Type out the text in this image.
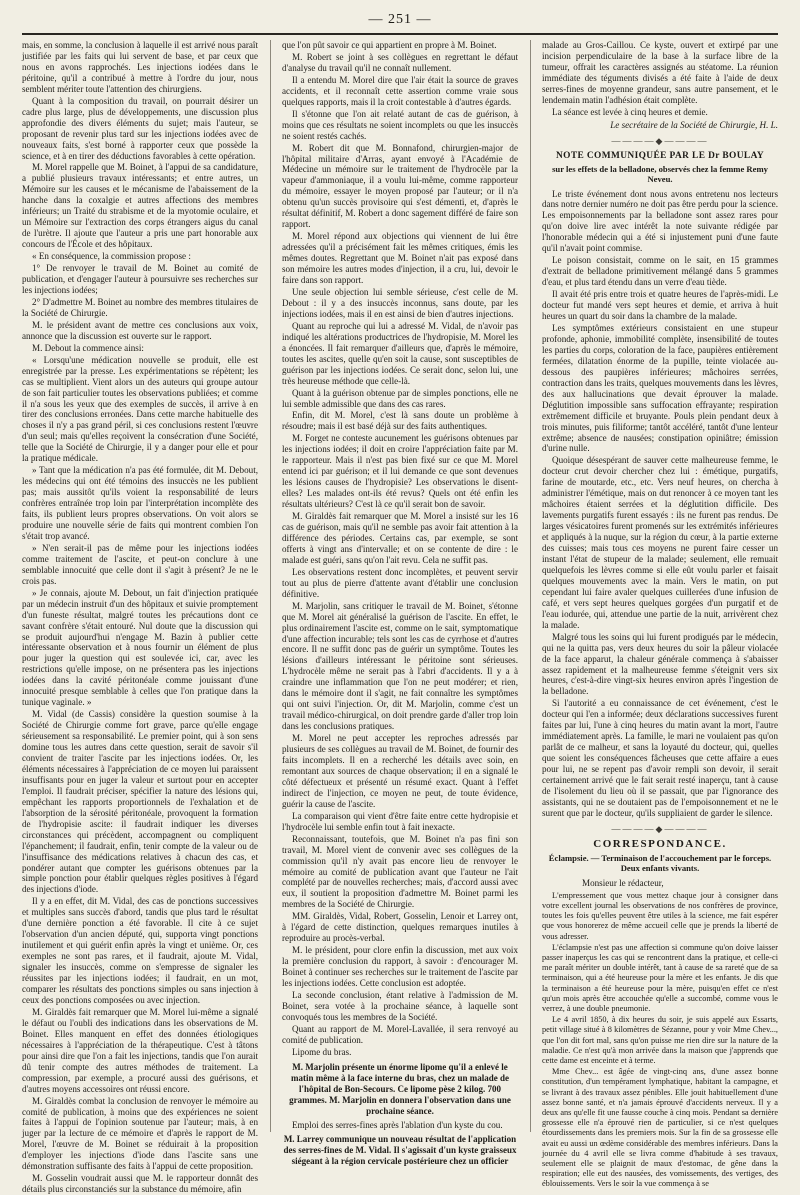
— 251 —

mais, en somme, la conclusion à laquelle il est arrivé nous paraît justifiée par les faits qui lui servent de base, et par ceux que nous en avons rapprochés. Les injections iodées dans le péritoine, qu'il a contribué à mettre à l'ordre du jour, nous semblent mériter toute l'attention des chirurgiens.

Quant à la composition du travail, on pourrait désirer un cadre plus large, plus de développements, une discussion plus approfondie des divers éléments du sujet; mais l'auteur, se proposant de revenir plus tard sur les injections iodées avec de nouveaux faits, s'est borné à rapporter ceux que possède la science, et à en tirer des déductions favorables à cette opération.

M. Morel rappelle que M. Boinet, à l'appui de sa candidature, a publié plusieurs travaux intéressants; et entre autres, un Mémoire sur les causes et le mécanisme de l'abaissement de la hanche dans la coxalgie et autres affections des membres inférieurs; un Traité du strabisme et de la myotomie oculaire, et un Mémoire sur l'extraction des corps étrangers aigus du canal de l'urètre. Il ajoute que l'auteur a pris une part honorable aux concours de l'École et des hôpitaux.

« En conséquence, la commission propose :

1° De renvoyer le travail de M. Boinet au comité de publication, et d'engager l'auteur à poursuivre ses recherches sur les injections iodées;

2° D'admettre M. Boinet au nombre des membres titulaires de la Société de Chirurgie.

M. le président avant de mettre ces conclusions aux voix, annonce que la discussion est ouverte sur le rapport.

M. Debout la commence ainsi:

« Lorsqu'une médication nouvelle se produit, elle est enregistrée par la presse. Les expérimentations se répètent; les cas se multiplient. Vient alors un des auteurs qui groupe autour de son fait particulier toutes les observations publiées; et comme il n'a sous les yeux que des exemples de succès, il arrive à en tirer des conclusions erronées. Dans cette marche habituelle des choses il n'y a pas grand péril, si ces conclusions restent l'œuvre d'un seul; mais qu'elles reçoivent la consécration d'une Société, telle que la Société de Chirurgie, il y a danger pour elle et pour la pratique médicale.

» Tant que la médication n'a pas été formulée, dit M. Debout, les médecins qui ont été témoins des insuccès ne les publient pas; mais aussitôt qu'ils voient la responsabilité de leurs confrères entraînée trop loin par l'interprétation incomplète des faits, ils publient leurs propres observations. On voit alors se produire une nouvelle série de faits qui montrent combien l'on s'était trop avancé.

» N'en serait-il pas de même pour les injections iodées comme traitement de l'ascite, et peut-on conclure à une semblable innocuité que celle dont il s'agit à présent? Je ne le crois pas.

» Je connais, ajoute M. Debout, un fait d'injection pratiquée par un médecin instruit d'un des hôpitaux et suivie promptement d'un funeste résultat, malgré toutes les précautions dont ce savant confrère s'était entouré. Nul doute que la discussion qui se produit aujourd'hui n'engage M. Bazin à publier cette intéressante observation et à nous fournir un élément de plus pour juger la question qui est soulevée ici, car, avec les restrictions qu'elle impose, on ne présentera pas les injections iodées dans la cavité péritonéale comme jouissant d'une innocuité presque semblable à celles que l'on pratique dans la tunique vaginale. »

M. Vidal (de Cassis) considère la question soumise à la Société de Chirurgie comme fort grave, parce qu'elle engage sérieusement sa responsabilité. Le premier point, qui à son sens domine tous les autres dans cette question, serait de savoir s'il convient de traiter l'ascite par les injections iodées. Or, les éléments nécessaires à l'appréciation de ce moyen lui paraissent insuffisants pour en juger la valeur et surtout pour en accepter l'emploi. Il faudrait préciser, spécifier la nature des lésions qui, empêchant les rapports proportionnels de l'exhalation et de l'absorption de la sérosité péritonéale, provoquent la formation de l'hydropisie ascite: il faudrait indiquer les diverses circonstances qui précèdent, accompagnent ou compliquent l'épanchement; il faudrait, enfin, tenir compte de la valeur ou de l'insuffisance des médications relatives à chacun des cas, et pondérer autant que compter les guérisons obtenues par la simple ponction pour établir quelques règles positives à l'égard des injections d'iode.

Il y a en effet, dit M. Vidal, des cas de ponctions successives et multiples sans succès d'abord, tandis que plus tard le résultat d'une dernière ponction a été favorable. Il cite à ce sujet l'observation d'un ancien député, qui, supporta vingt ponctions inutilement et qui guérit enfin après la vingt et unième. Or, ces exemples ne sont pas rares, et il faudrait, ajoute M. Vidal, signaler les insuccès, comme on s'empresse de signaler les réussites par les injections iodées; il faudrait, en un mot, comparer les résultats des ponctions simples ou sans injection à ceux des ponctions composées ou avec injection.

M. Giraldès fait remarquer que M. Morel lui-même a signalé le défaut ou l'oubli des indications dans les observations de M. Boinet. Elles manquent en effet des données étiologiques nécessaires à l'appréciation de la thérapeutique. C'est à tâtons pour ainsi dire que l'on a fait les injections, tandis que l'on aurait dû tenir compte des autres méthodes de traitement. La compression, par exemple, a procuré aussi des guérisons, et d'autres moyens accessoires ont réussi encore.

M. Giraldès combat la conclusion de renvoyer le mémoire au comité de publication, à moins que des expériences ne soient faites à l'appui de l'opinion soutenue par l'auteur; mais, à en juger par la lecture de ce mémoire et d'après le rapport de M. Morel, l'œuvre de M. Boinet se réduirait à la proposition d'employer les injections d'iode dans l'ascite sans une démonstration suffisante des faits à l'appui de cette proposition.

M. Gosselin voudrait aussi que M. le rapporteur donnât des détails plus circonstanciés sur la substance du mémoire, afin

que l'on pût savoir ce qui appartient en propre à M. Boinet.

M. Robert se joint à ses collègues en regrettant le défaut d'analyse du travail qu'il ne connaît nullement.

Il a entendu M. Morel dire que l'air était la source de graves accidents, et il reconnaît cette assertion comme vraie sous quelques rapports, mais il la croit contestable à d'autres égards.

Il s'étonne que l'on ait relaté autant de cas de guérison, à moins que ces résultats ne soient incomplets ou que les insuccès ne soient restés cachés.

M. Robert dit que M. Bonnafond, chirurgien-major de l'hôpital militaire d'Arras, ayant envoyé à l'Académie de Médecine un mémoire sur le traitement de l'hydrocèle par la vapeur d'ammoniaque, il a voulu lui-même, comme rapporteur du mémoire, essayer le moyen proposé par l'auteur; or il n'a obtenu qu'un succès provisoire qui s'est démenti, et, d'après le résultat définitif, M. Robert a donc sagement différé de faire son rapport.

M. Morel répond aux objections qui viennent de lui être adressées qu'il a précisément fait les mêmes critiques, émis les mêmes doutes. Regrettant que M. Boinet n'ait pas exposé dans son mémoire les autres modes d'injection, il a cru, lui, devoir le faire dans son rapport.

Une seule objection lui semble sérieuse, c'est celle de M. Debout : il y a des insuccès inconnus, sans doute, par les injections iodées, mais il en est ainsi de bien d'autres injections.

Quant au reproche qui lui a adressé M. Vidal, de n'avoir pas indiqué les altérations productrices de l'hydropisie, M. Morel les a énoncées. Il fait remarquer d'ailleurs que, d'après le mémoire, toutes les ascites, quelle qu'en soit la cause, sont susceptibles de guérison par les injections iodées. Ce serait donc, selon lui, une très heureuse méthode que celle-là.

Quant à la guérison obtenue par de simples ponctions, elle ne lui semble admissible que dans des cas rares.

Enfin, dit M. Morel, c'est là sans doute un problème à résoudre; mais il est basé déjà sur des faits authentiques.

M. Forget ne conteste aucunement les guérisons obtenues par les injections iodées; il doit en croire l'appréciation faite par M. le rapporteur. Mais il n'est pas bien fixé sur ce que M. Morel entend ici par guérison; et il lui demande ce que sont devenues les lésions causes de l'hydropisie? Les observations le disent-elles? Les malades ont-ils été revus? Quels ont été enfin les résultats ultérieurs? C'est là ce qu'il serait bon de savoir.

M. Giraldès fait remarquer que M. Morel a insisté sur les 16 cas de guérison, mais qu'il ne semble pas avoir fait attention à la différence des périodes. Certains cas, par exemple, se sont offerts à vingt ans d'intervalle; et on se contente de dire : le malade est guéri, sans qu'on l'ait revu. Cela ne suffit pas.

Les observations restent donc incomplètes, et peuvent servir tout au plus de pierre d'attente avant d'établir une conclusion définitive.

M. Marjolin, sans critiquer le travail de M. Boinet, s'étonne que M. Morel ait généralisé la guérison de l'ascite. En effet, le plus ordinairement l'ascite est, comme on le sait, symptomatique d'une affection incurable; tels sont les cas de cyrrhose et d'autres encore. Il ne suffit donc pas de guérir un symptôme. Toutes les lésions d'ailleurs intéressant le péritoine sont sérieuses. L'hydrocèle même ne serait pas à l'abri d'accidents. Il y a à craindre une inflammation que l'on ne peut modérer; et rien, dans le mémoire dont il s'agit, ne fait connaître les symptômes qui ont suivi l'injection. Or, dit M. Marjolin, comme c'est un travail médico-chirurgical, on doit prendre garde d'aller trop loin dans les conclusions pratiques.

M. Morel ne peut accepter les reproches adressés par plusieurs de ses collègues au travail de M. Boinet, de fournir des faits incomplets. Il en a recherché les détails avec soin, en remontant aux sources de chaque observation; il en a signalé le côté défectueux et présenté un résumé exact. Quant à l'effet indirect de l'injection, ce moyen ne peut, de toute évidence, guérir la cause de l'ascite.

La comparaison qui vient d'être faite entre cette hydropisie et l'hydrocèle lui semble enfin tout à fait inexacte.

Reconnaissant, toutefois, que M. Boinet n'a pas fini son travail, M. Morel vient de convenir avec ses collègues de la commission qu'il n'y avait pas encore lieu de renvoyer le mémoire au comité de publication avant que l'auteur ne l'ait complété par de nouvelles recherches; mais, d'accord aussi avec eux, il soutient la proposition d'admettre M. Boinet parmi les membres de la Société de Chirurgie.

MM. Giraldès, Vidal, Robert, Gosselin, Lenoir et Larrey ont, à l'égard de cette distinction, quelques remarques inutiles à reproduire au procès-verbal.

M. le président, pour clore enfin la discussion, met aux voix la première conclusion du rapport, à savoir : d'encourager M. Boinet à continuer ses recherches sur le traitement de l'ascite par les injections iodées. Cette conclusion est adoptée.

La seconde conclusion, étant relative à l'admission de M. Boinet, sera votée à la prochaine séance, à laquelle sont convoqués tous les membres de la Société.

Quant au rapport de M. Morel-Lavallée, il sera renvoyé au comité de publication.

Lipome du bras.

M. Marjolin présente un énorme lipome qu'il a enlevé le matin même à la face interne du bras, chez un malade de l'hôpital de Bon-Secours. Ce lipome pèse 2 kilog. 700 grammes. M. Marjolin en donnera l'observation dans une prochaine séance.

Emploi des serres-fines après l'ablation d'un kyste du cou.

M. Larrey communique un nouveau résultat de l'application des serres-fines de M. Vidal. Il s'agissait d'un kyste graisseux siégeant à la région cervicale postérieure chez un officier

malade au Gros-Caillou. Ce kyste, ouvert et extirpé par une incision perpendiculaire de la base à la surface libre de la tumeur, offrait les caractères assignés au stéatome. La réunion immédiate des téguments divisés a été faite à l'aide de deux serres-fines de moyenne grandeur, sans autre pansement, et le lendemain matin l'adhésion était complète.

La séance est levée à cinq heures et demie.

Le secrétaire de la Société de Chirurgie, H. L.
————◆————
NOTE COMMUNIQUÉE PAR LE Dr BOULAY
sur les effets de la belladone, observés chez la femme Remy Neveu.

Le triste événement dont nous avons entretenu nos lecteurs dans notre dernier numéro ne doit pas être perdu pour la science. Les empoisonnements par la belladone sont assez rares pour qu'on doive lire avec intérêt la note suivante rédigée par l'honorable médecin qui a été si injustement puni d'une faute qu'il n'avait point commise.

Le poison consistait, comme on le sait, en 15 grammes d'extrait de belladone primitivement mélangé dans 5 grammes d'eau, et plus tard étendu dans un verre d'eau tiède.

Il avait été pris entre trois et quatre heures de l'après-midi. Le docteur fut mandé vers sept heures et demie, et arriva à huit heures un quart du soir dans la chambre de la malade.

Les symptômes extérieurs consistaient en une stupeur profonde, aphonie, immobilité complète, insensibilité de toutes les parties du corps, coloration de la face, paupières entièrement fermées, dilatation énorme de la pupille, teinte violacée au-dessous des paupières inférieures; mâchoires serrées, contraction dans les traits, quelques mouvements dans les lèvres, des aux hallucinations que devait éprouver la malade. Déglutition impossible sans suffocation effrayante; respiration extrêmement difficile et bruyante. Pouls plein pendant deux à trois minutes, puis filiforme; tantôt accéléré, tantôt d'une lenteur extrême; absence de nausées; constipation opiniâtre; émission d'urine nulle.

Quoique désespérant de sauver cette malheureuse femme, le docteur crut devoir chercher chez lui : émétique, purgatifs, farine de moutarde, etc., etc. Vers neuf heures, on chercha à administrer l'émétique, mais on dut renoncer à ce moyen tant les mâchoires étaient serrées et la déglutition difficile. Des lavements purgatifs furent essayés : ils ne furent pas rendus. De larges vésicatoires furent promenés sur les extrémités inférieures et appliqués à la nuque, sur la région du cœur, à la partie externe des cuisses; mais tous ces moyens ne purent faire cesser un instant l'état de stupeur de la malade; seulement, elle remuait quelquefois les lèvres comme si elle eût voulu parler et faisait quelques mouvements avec la main. Vers le matin, on put cependant lui faire avaler quelques cuillerées d'une infusion de café, et vers sept heures quelques gorgées d'un purgatif et de l'eau iodurée, qui, attendue une partie de la nuit, arrivèrent chez la malade.

Malgré tous les soins qui lui furent prodigués par le médecin, qui ne la quitta pas, vers deux heures du soir la pâleur violacée de la face apparut, la chaleur générale commença à s'abaisser assez rapidement et la malheureuse femme s'éteignit vers six heures, c'est-à-dire vingt-six heures environ après l'ingestion de la belladone.

Si l'autorité a eu connaissance de cet événement, c'est le docteur qui l'en a informée; deux déclarations successives furent faites par lui, l'une à cinq heures du matin avant la mort, l'autre immédiatement après. La famille, le mari ne voulaient pas qu'on parlât de ce malheur, et sans la loyauté du docteur, qui, quelles que soient les conséquences fâcheuses que cette affaire a eues pour lui, ne se repent pas d'avoir rempli son devoir, il serait certainement arrivé que le fait serait resté inaperçu, tant à cause de l'isolement du lieu où il se passait, que par l'ignorance des assistants, qui ne se doutaient pas de l'empoisonnement et ne le surent que par le docteur, qu'ils suppliaient de garder le silence.

————◆————
CORRESPONDANCE.
Éclampsie. — Terminaison de l'accouchement par le forceps. Deux enfants vivants.

Monsieur le rédacteur,

L'empressement que vous mettez chaque jour à consigner dans votre excellent journal les observations de nos confrères de province, toutes les fois qu'elles peuvent être utiles à la science, me fait espérer que vous honorerez de même accueil celle que je prends la liberté de vous adresser.

L'éclampsie n'est pas une affection si commune qu'on doive laisser passer inaperçus les cas qui se rencontrent dans la pratique, et celle-ci me paraît mériter un double intérêt, tant à cause de sa rareté que de sa terminaison, qui a été heureuse pour la mère et les enfants. Je dis que la terminaison a été heureuse pour la mère, puisqu'en effet ce n'est qu'un mois après être accouchée qu'elle a succombé, comme vous le verrez, à une double pneumonie.

Le 4 avril 1850, à dix heures du soir, je suis appelé aux Essarts, petit village situé à 8 kilomètres de Sézanne, pour y voir Mme Chev..., que l'on dit fort mal, sans qu'on puisse me rien dire sur la nature de la maladie. Ce n'est qu'à mon arrivée dans la maison que j'apprends que cette dame est enceinte et à terme.

Mme Chev... est âgée de vingt-cinq ans, d'une assez bonne constitution, d'un tempérament lymphatique, habitant la campagne, et se livrant à des travaux assez pénibles. Elle jouit habituellement d'une assez bonne santé, et n'a jamais éprouvé d'accidents nerveux. Il y a deux ans qu'elle fit une fausse couche à cinq mois. Pendant sa dernière grossesse elle n'a éprouvé rien de particulier, si ce n'est quelques étourdissements dans les premiers mois. Sur la fin de sa grossesse elle avait eu aussi un œdème considérable des membres inférieurs. Dans la journée du 4 avril elle se livra comme d'habitude à ses travaux, seulement elle se plaignit de maux d'estomac, de gêne dans la respiration; elle eut des nausées, des vomissements, des vertiges, des éblouissements. Vers le soir la vue commença à se
